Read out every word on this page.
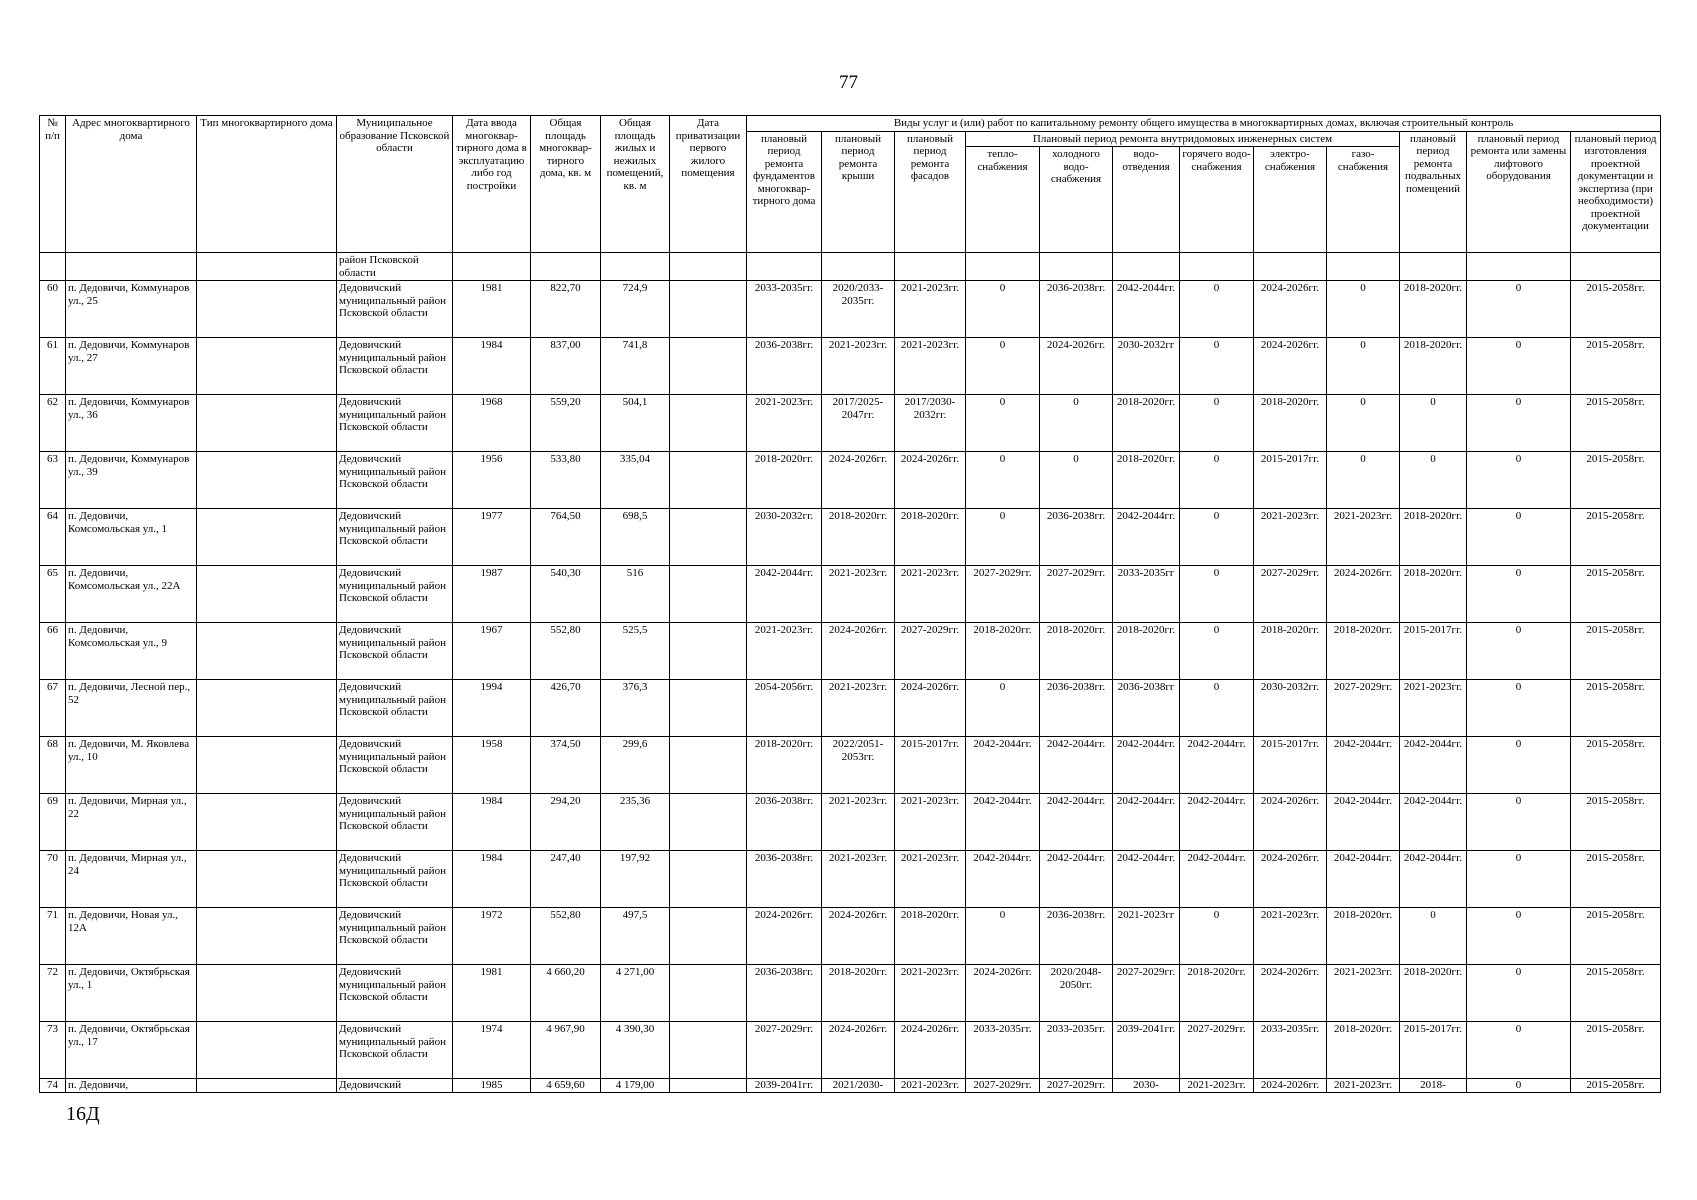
77
№ п/п	Адрес многоквартирного дома	Тип многоквартирного дома	Муниципальное образование Псковской области	Дата ввода многоквар-тирного дома в эксплуатацию либо год постройки	Общая площадь многоквар-тирного дома, кв. м	Общая площадь жилых и нежилых помещений, кв. м	Дата приватизации первого жилого помещения	Виды услуг и (или) работ по капитальному ремонту общего имущества в многоквартирных домах, включая строительный контроль											
								плановый период ремонта фундаментов многоквар-тирного дома	плановый период ремонта крыши	плановый период ремонта фасадов	Плановый период ремонта внутридомовых инженерных систем						плановый период ремонта подвальных помещений	плановый период ремонта или замены лифтового оборудования	плановый период изготовления проектной документации и экспертиза (при необходимости) проектной документации
											тепло-снабжения	холодного водо-снабжения	водо-отведения	горячего водо-снабжения	электро-снабжения	газо-снабжения			
			район Псковской области																
60	п. Дедовичи, Коммунаров ул., 25		Дедовичский муниципальный район Псковской области	1981	822,70	724,9		2033-2035гг.	2020/2033-2035гг.	2021-2023гг.	0	2036-2038гг.	2042-2044гг.	0	2024-2026гг.	0	2018-2020гг.	0	2015-2058гг.
61	п. Дедовичи, Коммунаров ул., 27		Дедовичский муниципальный район Псковской области	1984	837,00	741,8		2036-2038гг.	2021-2023гг.	2021-2023гг.	0	2024-2026гг.	2030-2032гг	0	2024-2026гг.	0	2018-2020гг.	0	2015-2058гг.
62	п. Дедовичи, Коммунаров ул., 36		Дедовичский муниципальный район Псковской области	1968	559,20	504,1		2021-2023гг.	2017/2025-2047гг.	2017/2030-2032гг.	0	0	2018-2020гг.	0	2018-2020гг.	0	0	0	2015-2058гг.
63	п. Дедовичи, Коммунаров ул., 39		Дедовичский муниципальный район Псковской области	1956	533,80	335,04		2018-2020гг.	2024-2026гг.	2024-2026гг.	0	0	2018-2020гг.	0	2015-2017гг.	0	0	0	2015-2058гг.
64	п. Дедовичи, Комсомольская ул., 1		Дедовичский муниципальный район Псковской области	1977	764,50	698,5		2030-2032гг.	2018-2020гг.	2018-2020гг.	0	2036-2038гг.	2042-2044гг.	0	2021-2023гг.	2021-2023гг.	2018-2020гг.	0	2015-2058гг.
65	п. Дедовичи, Комсомольская ул., 22А		Дедовичский муниципальный район Псковской области	1987	540,30	516		2042-2044гг.	2021-2023гг.	2021-2023гг.	2027-2029гг.	2027-2029гг.	2033-2035гг	0	2027-2029гг.	2024-2026гг.	2018-2020гг.	0	2015-2058гг.
66	п. Дедовичи, Комсомольская ул., 9		Дедовичский муниципальный район Псковской области	1967	552,80	525,5		2021-2023гг.	2024-2026гг.	2027-2029гг.	2018-2020гг.	2018-2020гг.	2018-2020гг.	0	2018-2020гг.	2018-2020гг.	2015-2017гг.	0	2015-2058гг.
67	п. Дедовичи, Лесной пер., 52		Дедовичский муниципальный район Псковской области	1994	426,70	376,3		2054-2056гг.	2021-2023гг.	2024-2026гг.	0	2036-2038гг.	2036-2038гг	0	2030-2032гг.	2027-2029гг.	2021-2023гг.	0	2015-2058гг.
68	п. Дедовичи, М. Яковлева ул., 10		Дедовичский муниципальный район Псковской области	1958	374,50	299,6		2018-2020гг.	2022/2051-2053гг.	2015-2017гг.	2042-2044гг.	2042-2044гг.	2042-2044гг.	2042-2044гг.	2015-2017гг.	2042-2044гг.	2042-2044гг.	0	2015-2058гг.
69	п. Дедовичи, Мирная ул., 22		Дедовичский муниципальный район Псковской области	1984	294,20	235,36		2036-2038гг.	2021-2023гг.	2021-2023гг.	2042-2044гг.	2042-2044гг.	2042-2044гг.	2042-2044гг.	2024-2026гг.	2042-2044гг.	2042-2044гг.	0	2015-2058гг.
70	п. Дедовичи, Мирная ул., 24		Дедовичский муниципальный район Псковской области	1984	247,40	197,92		2036-2038гг.	2021-2023гг.	2021-2023гг.	2042-2044гг.	2042-2044гг.	2042-2044гг.	2042-2044гг.	2024-2026гг.	2042-2044гг.	2042-2044гг.	0	2015-2058гг.
71	п. Дедовичи, Новая ул., 12А		Дедовичский муниципальный район Псковской области	1972	552,80	497,5		2024-2026гг.	2024-2026гг.	2018-2020гг.	0	2036-2038гг.	2021-2023гг	0	2021-2023гг.	2018-2020гг.	0	0	2015-2058гг.
72	п. Дедовичи, Октябрьская ул., 1		Дедовичский муниципальный район Псковской области	1981	4 660,20	4 271,00		2036-2038гг.	2018-2020гг.	2021-2023гг.	2024-2026гг.	2020/2048-2050гг.	2027-2029гг.	2018-2020гг.	2024-2026гг.	2021-2023гг.	2018-2020гг.	0	2015-2058гг.
73	п. Дедовичи, Октябрьская ул., 17		Дедовичский муниципальный район Псковской области	1974	4 967,90	4 390,30		2027-2029гг.	2024-2026гг.	2024-2026гг.	2033-2035гг.	2033-2035гг.	2039-2041гг.	2027-2029гг.	2033-2035гг.	2018-2020гг.	2015-2017гг.	0	2015-2058гг.
74	п. Дедовичи,		Дедовичский	1985	4 659,60	4 179,00		2039-2041гг.	2021/2030-	2021-2023гг.	2027-2029гг.	2027-2029гг.	2030-	2021-2023гг.	2024-2026гг.	2021-2023гг.	2018-	0	2015-2058гг.
16Д
